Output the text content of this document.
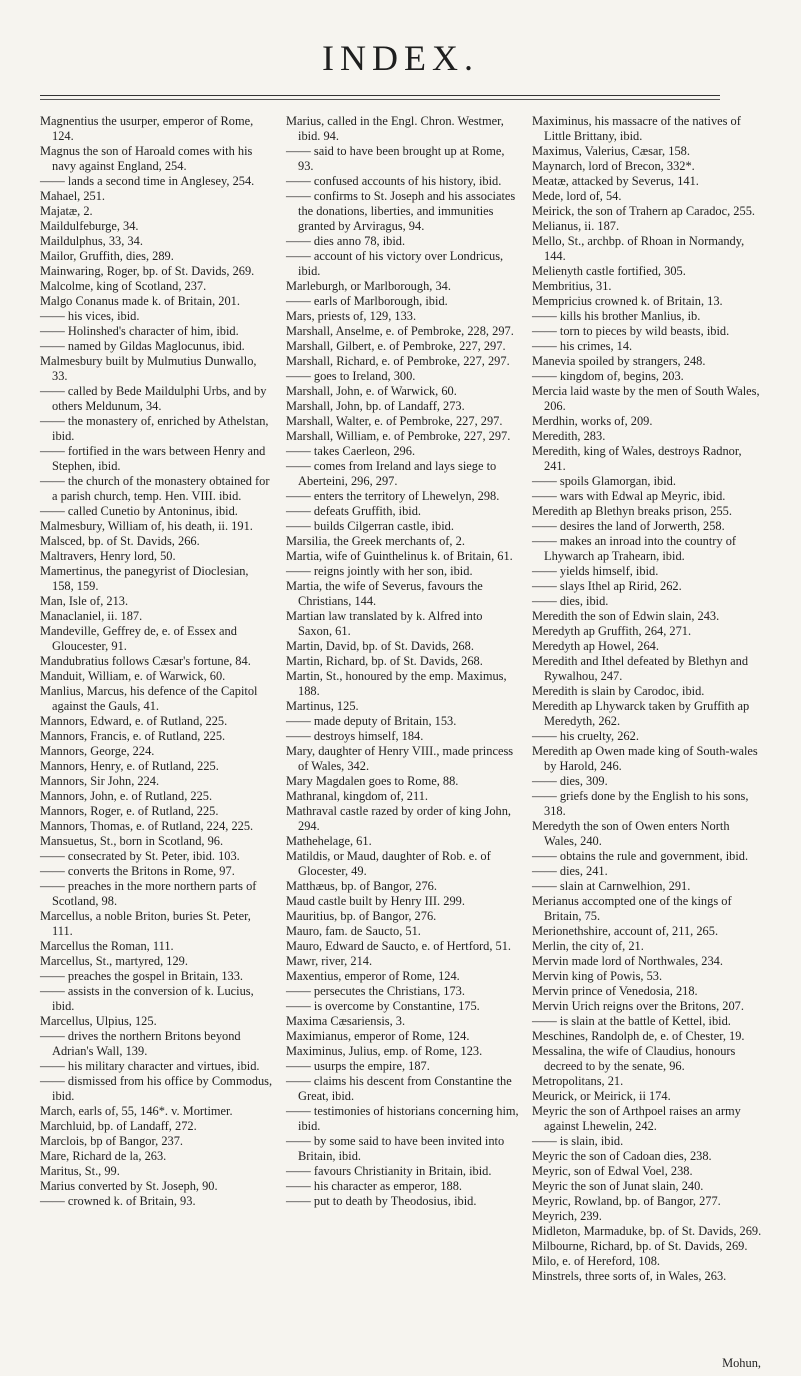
INDEX.

Magnentius the usurper, emperor of Rome, 124.

Magnus the son of Haroald comes with his navy against England, 254.

—— lands a second time in Anglesey, 254.

Mahael, 251.

Majatæ, 2.

Maildulfeburge, 34.

Maildulphus, 33, 34.

Mailor, Gruffith, dies, 289.

Mainwaring, Roger, bp. of St. Davids, 269.

Malcolme, king of Scotland, 237.

Malgo Conanus made k. of Britain, 201.

—— his vices, ibid.

—— Holinshed's character of him, ibid.

—— named by Gildas Maglocunus, ibid.

Malmesbury built by Mulmutius Dunwallo, 33.

—— called by Bede Maildulphi Urbs, and by others Meldunum, 34.

—— the monastery of, enriched by Athelstan, ibid.

—— fortified in the wars between Henry and Stephen, ibid.

—— the church of the monastery obtained for a parish church, temp. Hen. VIII. ibid.

—— called Cunetio by Antoninus, ibid.

Malmesbury, William of, his death, ii. 191.

Malsced, bp. of St. Davids, 266.

Maltravers, Henry lord, 50.

Mamertinus, the panegyrist of Dioclesian, 158, 159.

Man, Isle of, 213.

Manaclaniel, ii. 187.

Mandeville, Geffrey de, e. of Essex and Gloucester, 91.

Mandubratius follows Cæsar's fortune, 84.

Manduit, William, e. of Warwick, 60.

Manlius, Marcus, his defence of the Capitol against the Gauls, 41.

Mannors, Edward, e. of Rutland, 225.

Mannors, Francis, e. of Rutland, 225.

Mannors, George, 224.

Mannors, Henry, e. of Rutland, 225.

Mannors, Sir John, 224.

Mannors, John, e. of Rutland, 225.

Mannors, Roger, e. of Rutland, 225.

Mannors, Thomas, e. of Rutland, 224, 225.

Mansuetus, St., born in Scotland, 96.

—— consecrated by St. Peter, ibid. 103.

—— converts the Britons in Rome, 97.

—— preaches in the more northern parts of Scotland, 98.

Marcellus, a noble Briton, buries St. Peter, 111.

Marcellus the Roman, 111.

Marcellus, St., martyred, 129.

—— preaches the gospel in Britain, 133.

—— assists in the conversion of k. Lucius, ibid.

Marcellus, Ulpius, 125.

—— drives the northern Britons beyond Adrian's Wall, 139.

—— his military character and virtues, ibid.

—— dismissed from his office by Commodus, ibid.

March, earls of, 55, 146*. v. Mortimer.

Marchluid, bp. of Landaff, 272.

Marclois, bp of Bangor, 237.

Mare, Richard de la, 263.

Maritus, St., 99.

Marius converted by St. Joseph, 90.

—— crowned k. of Britain, 93.

Marius, called in the Engl. Chron. Westmer, ibid. 94.

—— said to have been brought up at Rome, 93.

—— confused accounts of his history, ibid.

—— confirms to St. Joseph and his associates the donations, liberties, and immunities granted by Arviragus, 94.

—— dies anno 78, ibid.

—— account of his victory over Londricus, ibid.

Marleburgh, or Marlborough, 34.

—— earls of Marlborough, ibid.

Mars, priests of, 129, 133.

Marshall, Anselme, e. of Pembroke, 228, 297.

Marshall, Gilbert, e. of Pembroke, 227, 297.

Marshall, Richard, e. of Pembroke, 227, 297.

—— goes to Ireland, 300.

Marshall, John, e. of Warwick, 60.

Marshall, John, bp. of Landaff, 273.

Marshall, Walter, e. of Pembroke, 227, 297.

Marshall, William, e. of Pembroke, 227, 297.

—— takes Caerleon, 296.

—— comes from Ireland and lays siege to Aberteini, 296, 297.

—— enters the territory of Lhewelyn, 298.

—— defeats Gruffith, ibid.

—— builds Cilgerran castle, ibid.

Marsilia, the Greek merchants of, 2.

Martia, wife of Guinthelinus k. of Britain, 61.

—— reigns jointly with her son, ibid.

Martia, the wife of Severus, favours the Christians, 144.

Martian law translated by k. Alfred into Saxon, 61.

Martin, David, bp. of St. Davids, 268.

Martin, Richard, bp. of St. Davids, 268.

Martin, St., honoured by the emp. Maximus, 188.

Martinus, 125.

—— made deputy of Britain, 153.

—— destroys himself, 184.

Mary, daughter of Henry VIII., made princess of Wales, 342.

Mary Magdalen goes to Rome, 88.

Mathranal, kingdom of, 211.

Mathraval castle razed by order of king John, 294.

Mathehelage, 61.

Matildis, or Maud, daughter of Rob. e. of Glocester, 49.

Matthæus, bp. of Bangor, 276.

Maud castle built by Henry III. 299.

Mauritius, bp. of Bangor, 276.

Mauro, fam. de Saucto, 51.

Mauro, Edward de Saucto, e. of Hertford, 51.

Mawr, river, 214.

Maxentius, emperor of Rome, 124.

—— persecutes the Christians, 173.

—— is overcome by Constantine, 175.

Maxima Cæsariensis, 3.

Maximianus, emperor of Rome, 124.

Maximinus, Julius, emp. of Rome, 123.

—— usurps the empire, 187.

—— claims his descent from Constantine the Great, ibid.

—— testimonies of historians concerning him, ibid.

—— by some said to have been invited into Britain, ibid.

—— favours Christianity in Britain, ibid.

—— his character as emperor, 188.

—— put to death by Theodosius, ibid.

Maximinus, his massacre of the natives of Little Brittany, ibid.

Maximus, Valerius, Cæsar, 158.

Maynarch, lord of Brecon, 332*.

Meatæ, attacked by Severus, 141.

Mede, lord of, 54.

Meirick, the son of Trahern ap Caradoc, 255.

Melianus, ii. 187.

Mello, St., archbp. of Rhoan in Normandy, 144.

Melienyth castle fortified, 305.

Membritius, 31.

Mempricius crowned k. of Britain, 13.

—— kills his brother Manlius, ib.

—— torn to pieces by wild beasts, ibid.

—— his crimes, 14.

Manevia spoiled by strangers, 248.

—— kingdom of, begins, 203.

Mercia laid waste by the men of South Wales, 206.

Merdhin, works of, 209.

Meredith, 283.

Meredith, king of Wales, destroys Radnor, 241.

—— spoils Glamorgan, ibid.

—— wars with Edwal ap Meyric, ibid.

Meredith ap Blethyn breaks prison, 255.

—— desires the land of Jorwerth, 258.

—— makes an inroad into the country of Lhywarch ap Trahearn, ibid.

—— yields himself, ibid.

—— slays Ithel ap Ririd, 262.

—— dies, ibid.

Meredith the son of Edwin slain, 243.

Meredyth ap Gruffith, 264, 271.

Meredyth ap Howel, 264.

Meredith and Ithel defeated by Blethyn and Rywalhou, 247.

Meredith is slain by Carodoc, ibid.

Meredith ap Lhywarck taken by Gruffith ap Meredyth, 262.

—— his cruelty, 262.

Meredith ap Owen made king of South-wales by Harold, 246.

—— dies, 309.

—— griefs done by the English to his sons, 318.

Meredyth the son of Owen enters North Wales, 240.

—— obtains the rule and government, ibid.

—— dies, 241.

—— slain at Carnwelhion, 291.

Merianus accompted one of the kings of Britain, 75.

Merionethshire, account of, 211, 265.

Merlin, the city of, 21.

Mervin made lord of Northwales, 234.

Mervin king of Powis, 53.

Mervin prince of Venedosia, 218.

Mervin Urich reigns over the Britons, 207.

—— is slain at the battle of Kettel, ibid.

Meschines, Randolph de, e. of Chester, 19.

Messalina, the wife of Claudius, honours decreed to by the senate, 96.

Metropolitans, 21.

Meurick, or Meirick, ii 174.

Meyric the son of Arthpoel raises an army against Lhewelin, 242.

—— is slain, ibid.

Meyric the son of Cadoan dies, 238.

Meyric, son of Edwal Voel, 238.

Meyric the son of Junat slain, 240.

Meyric, Rowland, bp. of Bangor, 277.

Meyrich, 239.

Midleton, Marmaduke, bp. of St. Davids, 269.

Milbourne, Richard, bp. of St. Davids, 269.

Milo, e. of Hereford, 108.

Minstrels, three sorts of, in Wales, 263.

Mohun,
